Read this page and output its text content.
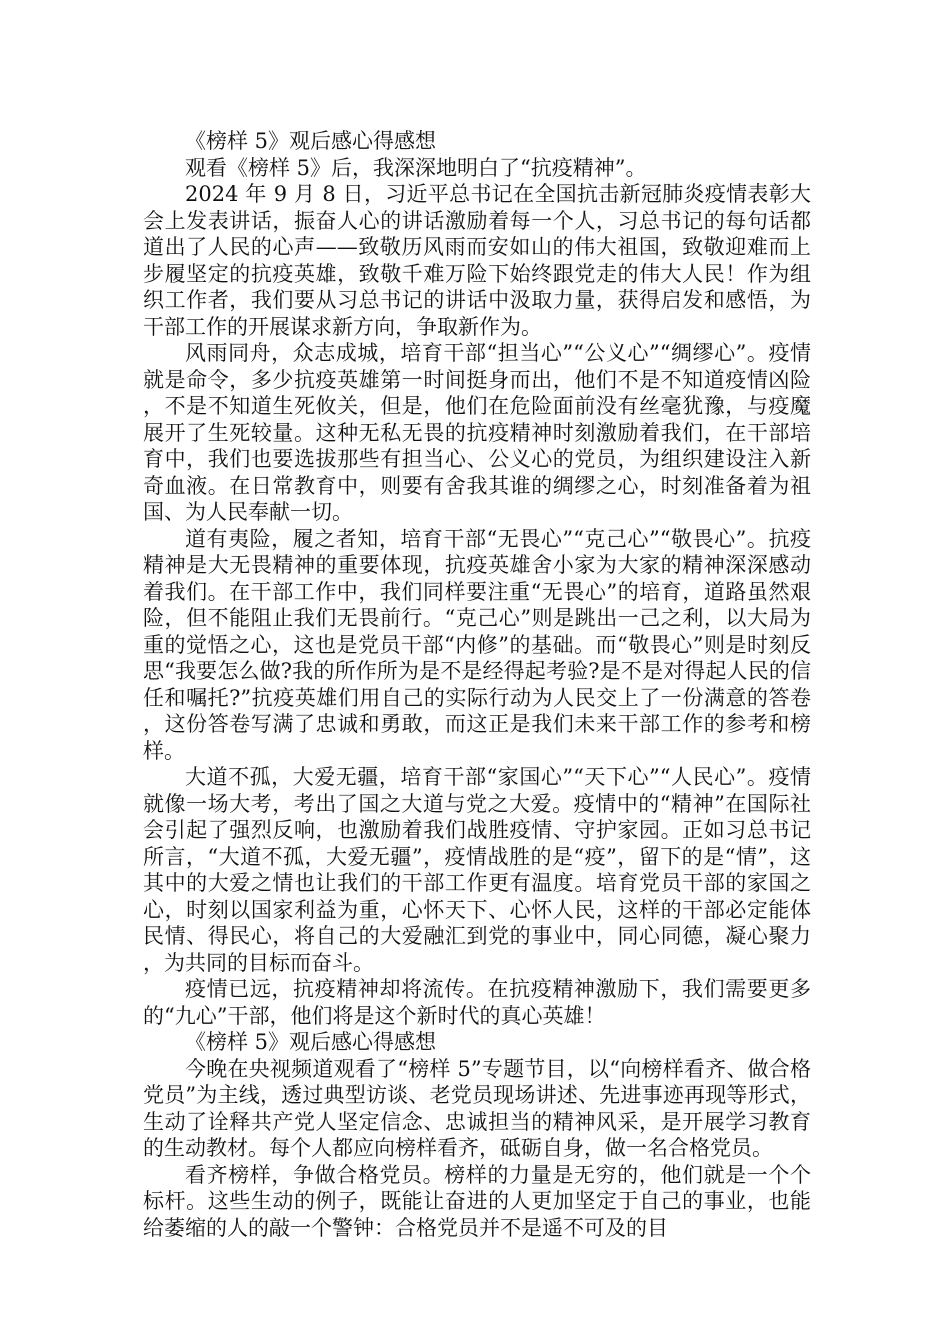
《榜样 5》观后感心得感想

观看《榜样 5》后，我深深地明白了“抗疫精神”。

2024 年 9 月 8 日，习近平总书记在全国抗击新冠肺炎疫情表彰大会上发表讲话，振奋人心的讲话激励着每一个人，习总书记的每句话都道出了人民的心声——致敬历风雨而安如山的伟大祖国，致敬迎难而上步履坚定的抗疫英雄，致敬千难万险下始终跟党走的伟大人民！作为组织工作者，我们要从习总书记的讲话中汲取力量，获得启发和感悟，为干部工作的开展谋求新方向，争取新作为。

风雨同舟，众志成城，培育干部“担当心”“公义心”“绸缪心”。疫情就是命令，多少抗疫英雄第一时间挺身而出，他们不是不知道疫情凶险，不是不知道生死攸关，但是，他们在危险面前没有丝毫犹豫，与疫魔展开了生死较量。这种无私无畏的抗疫精神时刻激励着我们，在干部培育中，我们也要选拔那些有担当心、公义心的党员，为组织建设注入新奇血液。在日常教育中，则要有舍我其谁的绸缪之心，时刻准备着为祖国、为人民奉献一切。

道有夷险，履之者知，培育干部“无畏心”“克己心”“敬畏心”。抗疫精神是大无畏精神的重要体现，抗疫英雄舍小家为大家的精神深深感动着我们。在干部工作中，我们同样要注重“无畏心”的培育，道路虽然艰险，但不能阻止我们无畏前行。“克己心”则是跳出一己之利，以大局为重的觉悟之心，这也是党员干部“内修”的基础。而“敬畏心”则是时刻反思“我要怎么做?我的所作所为是不是经得起考验?是不是对得起人民的信任和嘱托?”抗疫英雄们用自己的实际行动为人民交上了一份满意的答卷，这份答卷写满了忠诚和勇敢，而这正是我们未来干部工作的参考和榜样。

大道不孤，大爱无疆，培育干部“家国心”“天下心”“人民心”。疫情就像一场大考，考出了国之大道与党之大爱。疫情中的“精神”在国际社会引起了强烈反响，也激励着我们战胜疫情、守护家园。正如习总书记所言，“大道不孤，大爱无疆”，疫情战胜的是“疫”，留下的是“情”，这其中的大爱之情也让我们的干部工作更有温度。培育党员干部的家国之心，时刻以国家利益为重，心怀天下、心怀人民，这样的干部必定能体民情、得民心，将自己的大爱融汇到党的事业中，同心同德，凝心聚力，为共同的目标而奋斗。

疫情已远，抗疫精神却将流传。在抗疫精神激励下，我们需要更多的“九心”干部，他们将是这个新时代的真心英雄！

《榜样 5》观后感心得感想

今晚在央视频道观看了“榜样 5”专题节目，以“向榜样看齐、做合格党员”为主线，透过典型访谈、老党员现场讲述、先进事迹再现等形式，生动了诠释共产党人坚定信念、忠诚担当的精神风采，是开展学习教育的生动教材。每个人都应向榜样看齐，砥砺自身，做一名合格党员。

看齐榜样，争做合格党员。榜样的力量是无穷的，他们就是一个个标杆。这些生动的例子，既能让奋进的人更加坚定于自己的事业，也能给萎缩的人的敲一个警钟：合格党员并不是遥不可及的目
